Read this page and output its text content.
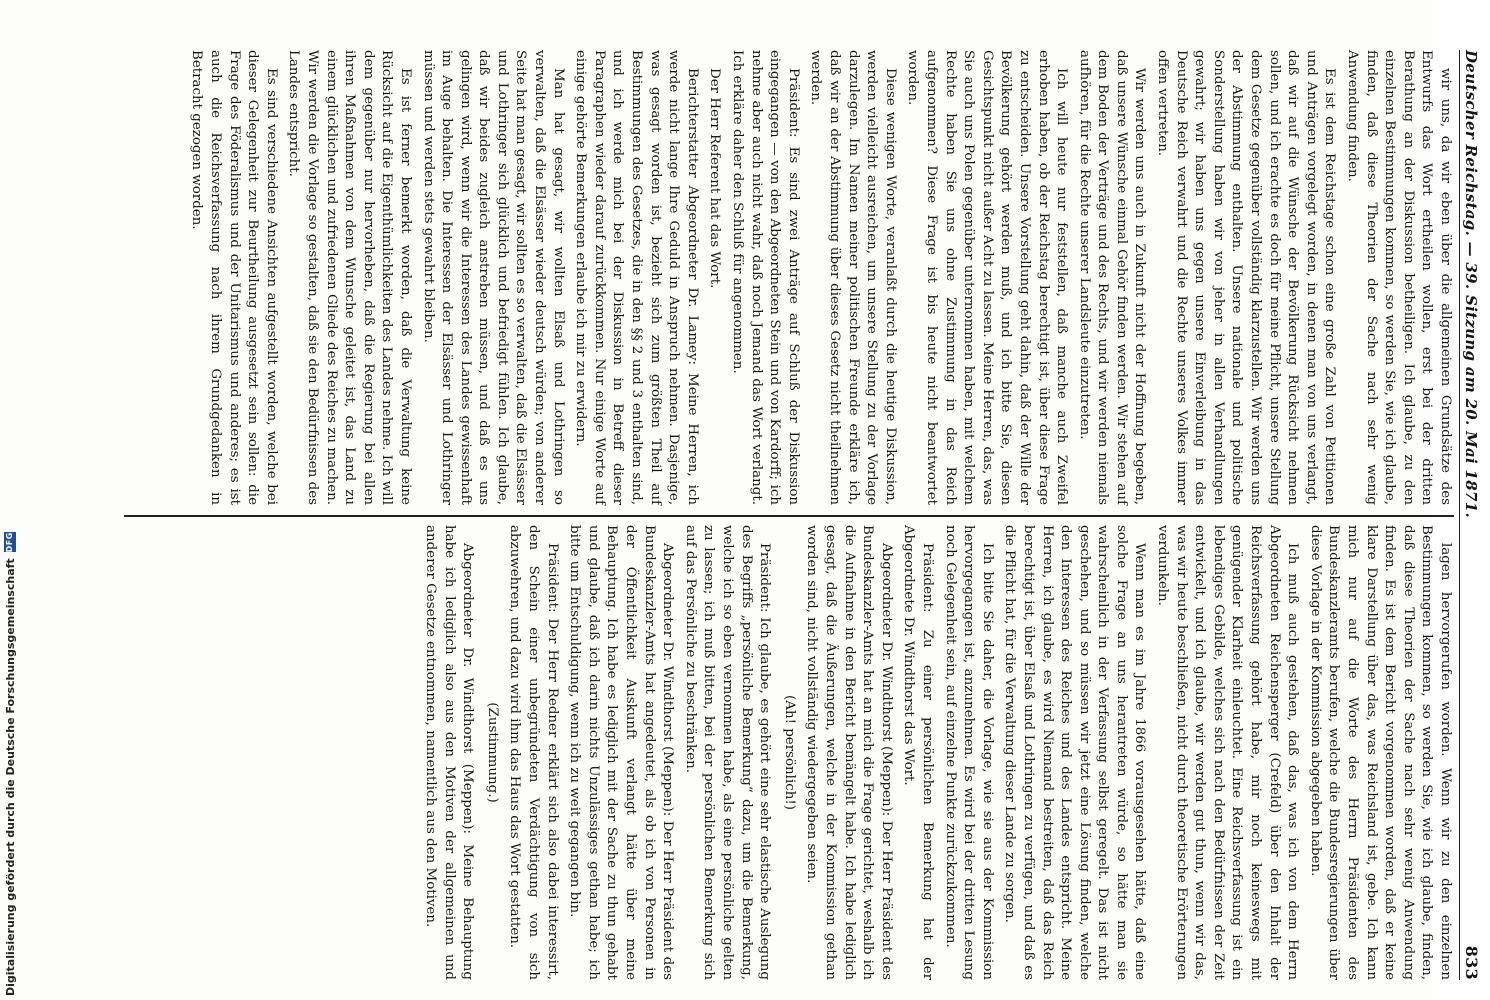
Deutscher Reichstag. — 39. Sitzung am 20. Mai 1871.
833

wir uns, da wir eben über die allgemeinen Grundsätze des Entwurfs das Wort ertheilen wollen, erst bei der dritten Berathung an der Diskussion betheiligen. Ich glaube, zu den einzelnen Bestimmungen kommen, so werden Sie, wie ich glaube, finden, daß diese Theorien der Sache nach sehr wenig Anwendung finden.

Es ist dem Reichstage schon eine große Zahl von Petitionen und Anträgen vorgelegt worden, in denen man von uns verlangt, daß wir auf die Wünsche der Bevölkerung Rücksicht nehmen sollen, und ich erachte es doch für meine Pflicht, unsere Stellung dem Gesetze gegenüber vollständig klarzustellen. Wir werden uns der Abstimmung enthalten. Unsere nationale und politische Sonderstellung haben wir von jeher in allen Verhandlungen gewahrt; wir haben uns gegen unsere Einverleibung in das Deutsche Reich verwahrt und die Rechte unseres Volkes immer offen vertreten.

Wir werden uns auch in Zukunft nicht der Hoffnung begeben, daß unsere Wünsche einmal Gehör finden werden. Wir stehen auf dem Boden der Verträge und des Rechts, und wir werden niemals aufhören, für die Rechte unserer Landsleute einzutreten.

Ich will heute nur feststellen, daß manche auch Zweifel erhoben haben, ob der Reichstag berechtigt ist, über diese Frage zu entscheiden. Unsere Vorstellung geht dahin, daß der Wille der Bevölkerung gehört werden muß, und ich bitte Sie, diesen Gesichtspunkt nicht außer Acht zu lassen. Meine Herren, das, was Sie auch uns Polen gegenüber unternommen haben, mit welchem Rechte haben Sie uns ohne Zustimmung in das Reich aufgenommen? Diese Frage ist bis heute nicht beantwortet worden.

Diese wenigen Worte, veranlaßt durch die heutige Diskussion, werden vielleicht ausreichen, um unsere Stellung zu der Vorlage darzulegen. Im Namen meiner politischen Freunde erkläre ich, daß wir an der Abstimmung über dieses Gesetz nicht theilnehmen werden.

Präsident: Es sind zwei Anträge auf Schluß der Diskussion eingegangen — von den Abgeordneten Stein und von Kardorff; ich nehme aber auch nicht wahr, daß noch Jemand das Wort verlangt. Ich erkläre daher den Schluß für angenommen.

Der Herr Referent hat das Wort.

Berichterstatter Abgeordneter Dr. Lamey: Meine Herren, ich werde nicht lange Ihre Geduld in Anspruch nehmen. Dasjenige, was gesagt worden ist, bezieht sich zum größten Theil auf Bestimmungen des Gesetzes, die in den §§ 2 und 3 enthalten sind, und ich werde mich bei der Diskussion in Betreff dieser Paragraphen wieder darauf zurückkommen. Nur einige Worte auf einige gehörte Bemerkungen erlaube ich mir zu erwidern.

Man hat gesagt, wir wollten Elsaß und Lothringen so verwalten, daß die Elsässer wieder deutsch würden; von anderer Seite hat man gesagt, wir sollten es so verwalten, daß die Elsässer und Lothringer sich glücklich und befriedigt fühlen. Ich glaube, daß wir beides zugleich anstreben müssen, und daß es uns gelingen wird, wenn wir die Interessen des Landes gewissenhaft im Auge behalten. Die Interessen der Elsässer und Lothringer müssen und werden stets gewahrt bleiben.

Es ist ferner bemerkt worden, daß die Verwaltung keine Rücksicht auf die Eigenthümlichkeiten des Landes nehme. Ich will dem gegenüber nur hervorheben, daß die Regierung bei allen ihren Maßnahmen von dem Wunsche geleitet ist, das Land zu einem glücklichen und zufriedenen Gliede des Reiches zu machen. Wir werden die Vorlage so gestalten, daß sie den Bedürfnissen des Landes entspricht.

Es sind verschiedene Ansichten aufgestellt worden, welche bei dieser Gelegenheit zur Beurtheilung ausgesetzt sein sollen: die Frage des Föderalismus und der Unitarismus und anderes; es ist auch die Reichsverfassung nach ihrem Grundgedanken in Betracht gezogen worden.

lagen hervorgerufen worden. Wenn wir zu den einzelnen Bestimmungen kommen, so werden Sie, wie ich glaube, finden, daß diese Theorien der Sache nach sehr wenig Anwendung finden. Es ist dem Bericht vorgenommen worden, daß er keine klare Darstellung über das, was Reichsland ist, gebe. Ich kann mich nur auf die Worte des Herrn Präsidenten des Bundeskanzleramts berufen, welche die Bundesregierungen über diese Vorlage in der Kommission abgegeben haben.

Ich muß auch gestehen, daß das, was ich von dem Herrn Abgeordneten Reichensperger (Crefeld) über den Inhalt der Reichsverfassung gehört habe, mir noch keineswegs mit genügender Klarheit einleuchtet. Eine Reichsverfassung ist ein lebendiges Gebilde, welches sich nach den Bedürfnissen der Zeit entwickelt, und ich glaube, wir werden gut thun, wenn wir das, was wir heute beschließen, nicht durch theoretische Erörterungen verdunkeln.

Wenn man es im Jahre 1866 vorausgesehen hätte, daß eine solche Frage an uns herantreten würde, so hätte man sie wahrscheinlich in der Verfassung selbst geregelt. Das ist nicht geschehen, und so müssen wir jetzt eine Lösung finden, welche den Interessen des Reiches und des Landes entspricht. Meine Herren, ich glaube, es wird Niemand bestreiten, daß das Reich berechtigt ist, über Elsaß und Lothringen zu verfügen, und daß es die Pflicht hat, für die Verwaltung dieser Lande zu sorgen.

Ich bitte Sie daher, die Vorlage, wie sie aus der Kommission hervorgegangen ist, anzunehmen. Es wird bei der dritten Lesung noch Gelegenheit sein, auf einzelne Punkte zurückzukommen.

Präsident: Zu einer persönlichen Bemerkung hat der Abgeordnete Dr. Windthorst das Wort.

Abgeordneter Dr. Windthorst (Meppen): Der Herr Präsident des Bundeskanzler-Amts hat an mich die Frage gerichtet, weshalb ich die Aufnahme in den Bericht bemängelt habe. Ich habe lediglich gesagt, daß die Äußerungen, welche in der Kommission gethan worden sind, nicht vollständig wiedergegeben seien.

(Ah! persönlich!)

Präsident: Ich glaube, es gehört eine sehr elastische Auslegung des Begriffs „persönliche Bemerkung“ dazu, um die Bemerkung, welche ich so eben vernommen habe, als eine persönliche gelten zu lassen; ich muß bitten, bei der persönlichen Bemerkung sich auf das Persönliche zu beschränken.

Abgeordneter Dr. Windthorst (Meppen): Der Herr Präsident des Bundeskanzler-Amts hat angedeutet, als ob ich von Personen in der Öffentlichkeit Auskunft verlangt hätte über meine Behauptung. Ich habe es lediglich mit der Sache zu thun gehabt und glaube, daß ich darin nichts Unzulässiges gethan habe; ich bitte um Entschuldigung, wenn ich zu weit gegangen bin.

Präsident: Der Herr Redner erklärt sich also dabei interessirt, den Schein einer unbegründeten Verdächtigung von sich abzuwehren, und dazu wird ihm das Haus das Wort gestatten.

(Zustimmung.)

Abgeordneter Dr. Windthorst (Meppen): Meine Behauptung habe ich lediglich also aus den Motiven der allgemeinen und anderer Gesetze entnommen, namentlich aus den Motiven.

Digitalisierung gefördert durch die Deutsche Forschungsgemeinschaft
DFG
